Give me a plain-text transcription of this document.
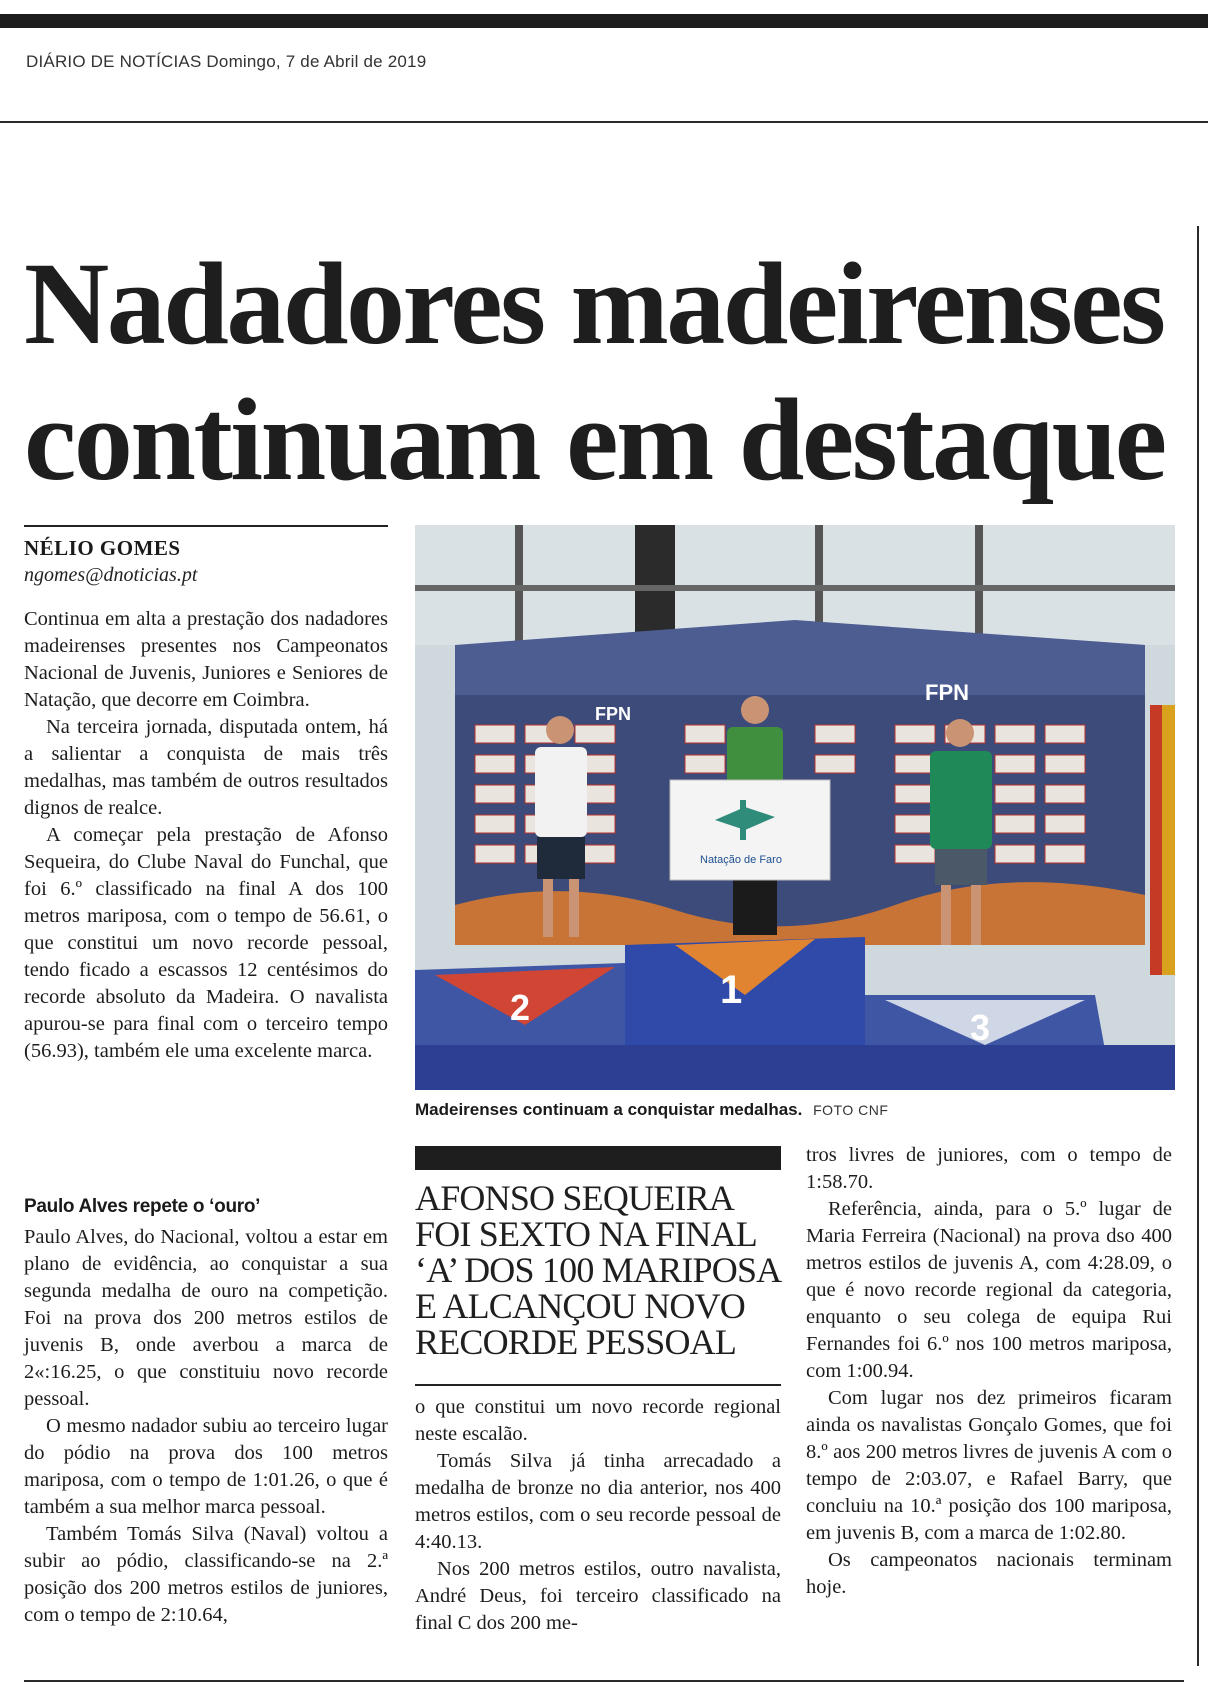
DIÁRIO DE NOTÍCIAS Domingo, 7 de Abril de 2019
Nadadores madeirenses
continuam em destaque
NÉLIO GOMES
ngomes@dnoticias.pt

Continua em alta a prestação dos nadadores madeirenses presentes nos Campeonatos Nacional de Juvenis, Juniores e Seniores de Natação, que decorre em Coimbra.

Na terceira jornada, disputada ontem, há a salientar a conquista de mais três medalhas, mas também de outros resultados dignos de realce.

A começar pela prestação de Afonso Sequeira, do Clube Naval do Funchal, que foi 6.º classificado na final A dos 100 metros mariposa, com o tempo de 56.61, o que constitui um novo recorde pessoal, tendo ficado a escassos 12 centésimos do recorde absoluto da Madeira. O navalista apurou-se para final com o terceiro tempo (56.93), também ele uma excelente marca.

Paulo Alves repete o ‘ouro’

Paulo Alves, do Nacional, voltou a estar em plano de evidência, ao conquistar a sua segunda medalha de ouro na competição. Foi na prova dos 200 metros estilos de juvenis B, onde averbou a marca de 2«:16.25, o que constituiu novo recorde pessoal.

O mesmo nadador subiu ao terceiro lugar do pódio na prova dos 100 metros mariposa, com o tempo de 1:01.26, o que é também a sua melhor marca pessoal.

Também Tomás Silva (Naval) voltou a subir ao pódio, classificando-se na 2.ª posição dos 200 metros estilos de juniores, com o tempo de 2:10.64,

FPN
FPN
Natação de Faro
2	1
3
Madeirenses continuam a conquistar medalhas. FOTO CNF
AFONSO SEQUEIRA
FOI SEXTO NA FINAL
‘A’ DOS 100 MARIPOSA
E ALCANÇOU NOVO
RECORDE PESSOAL

o que constitui um novo recorde regional neste escalão.

Tomás Silva já tinha arrecadado a medalha de bronze no dia anterior, nos 400 metros estilos, com o seu recorde pessoal de 4:40.13.

Nos 200 metros estilos, outro navalista, André Deus, foi terceiro classificado na final C dos 200 me-

tros livres de juniores, com o tempo de 1:58.70.

Referência, ainda, para o 5.º lugar de Maria Ferreira (Nacional) na prova dso 400 metros estilos de juvenis A, com 4:28.09, o que é novo recorde regional da categoria, enquanto o seu colega de equipa Rui Fernandes foi 6.º nos 100 metros mariposa, com 1:00.94.

Com lugar nos dez primeiros ficaram ainda os navalistas Gonçalo Gomes, que foi 8.º aos 200 metros livres de juvenis A com o tempo de 2:03.07, e Rafael Barry, que concluiu na 10.ª posição dos 100 mariposa, em juvenis B, com a marca de 1:02.80.

Os campeonatos nacionais terminam hoje.
